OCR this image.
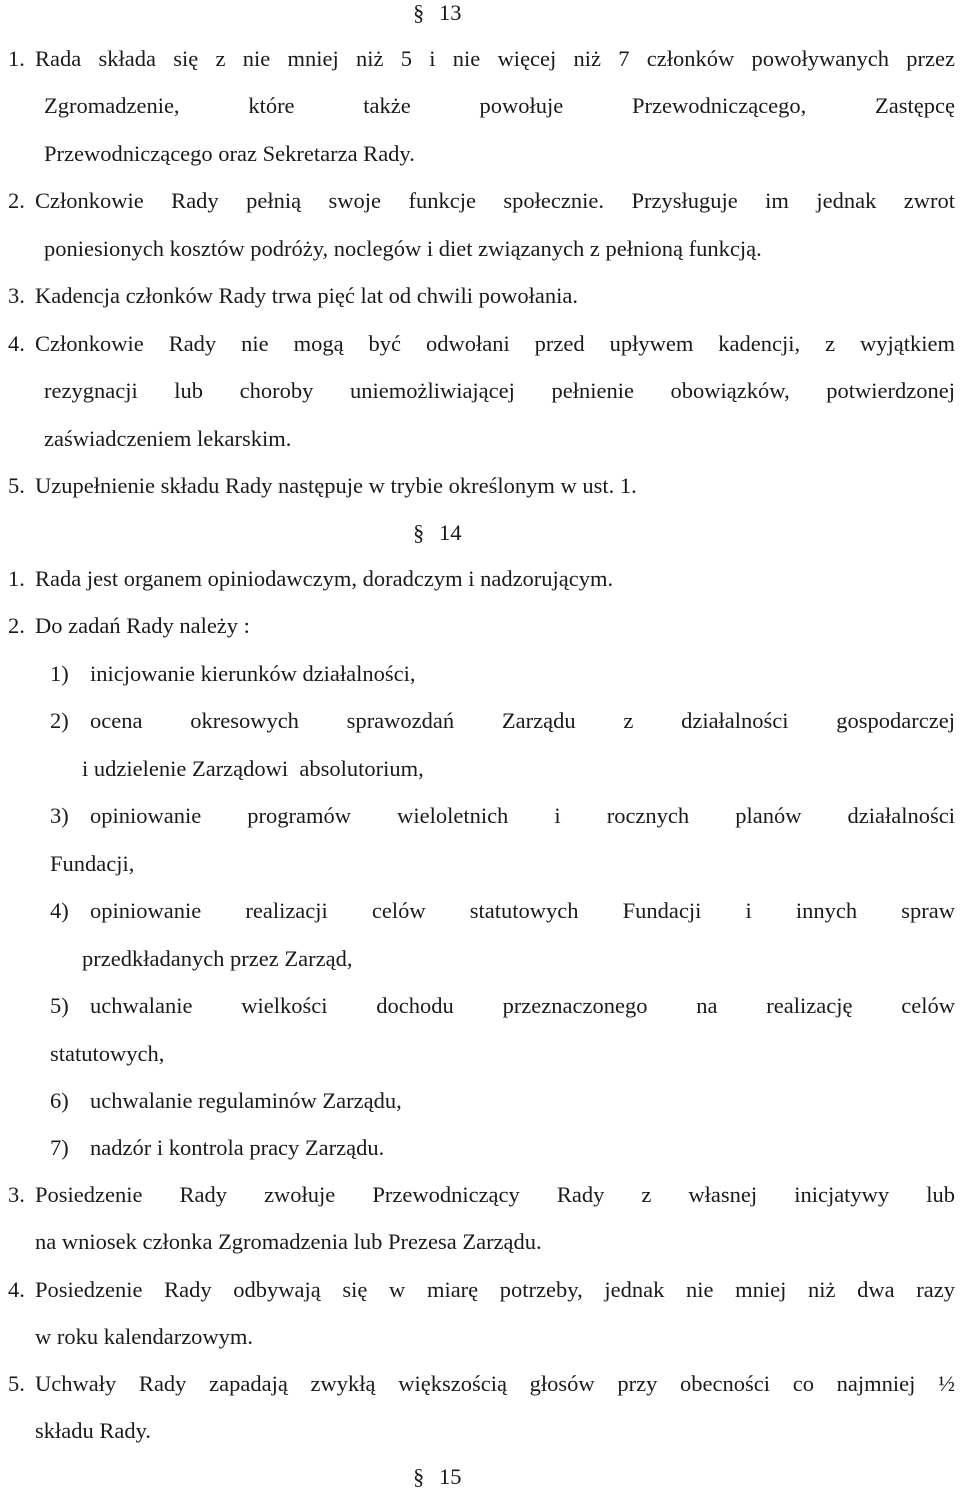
§ 13
1. Rada składa się z nie mniej niż 5 i nie więcej niż 7 członków powoływanych przez
Zgromadzenie, które także powołuje Przewodniczącego, Zastępcę
Przewodniczącego oraz Sekretarza Rady.
2. Członkowie Rady pełnią swoje funkcje społecznie. Przysługuje im jednak zwrot
poniesionych kosztów podróży, noclegów i diet związanych z pełnioną funkcją.
3. Kadencja członków Rady trwa pięć lat od chwili powołania.
4. Członkowie Rady nie mogą być odwołani przed upływem kadencji, z wyjątkiem
rezygnacji lub choroby uniemożliwiającej pełnienie obowiązków, potwierdzonej
zaświadczeniem lekarskim.
5. Uzupełnienie składu Rady następuje w trybie określonym w ust. 1.
§ 14
1. Rada jest organem opiniodawczym, doradczym i nadzorującym.
2. Do zadań Rady należy :
1) inicjowanie kierunków działalności,
2) ocena okresowych sprawozdań Zarządu z działalności gospodarczej
i udzielenie Zarządowi  absolutorium,
3) opiniowanie programów wieloletnich i rocznych planów działalności
Fundacji,
4) opiniowanie realizacji celów statutowych Fundacji i innych spraw
przedkładanych przez Zarząd,
5) uchwalanie wielkości dochodu przeznaczonego na realizację celów
statutowych,
6) uchwalanie regulaminów Zarządu,
7) nadzór i kontrola pracy Zarządu.
3. Posiedzenie Rady zwołuje Przewodniczący Rady z własnej inicjatywy lub
na wniosek członka Zgromadzenia lub Prezesa Zarządu.
4. Posiedzenie Rady odbywają się w miarę potrzeby, jednak nie mniej niż dwa razy
w roku kalendarzowym.
5. Uchwały Rady zapadają zwykłą większością głosów przy obecności co najmniej ½
składu Rady.
§ 15
